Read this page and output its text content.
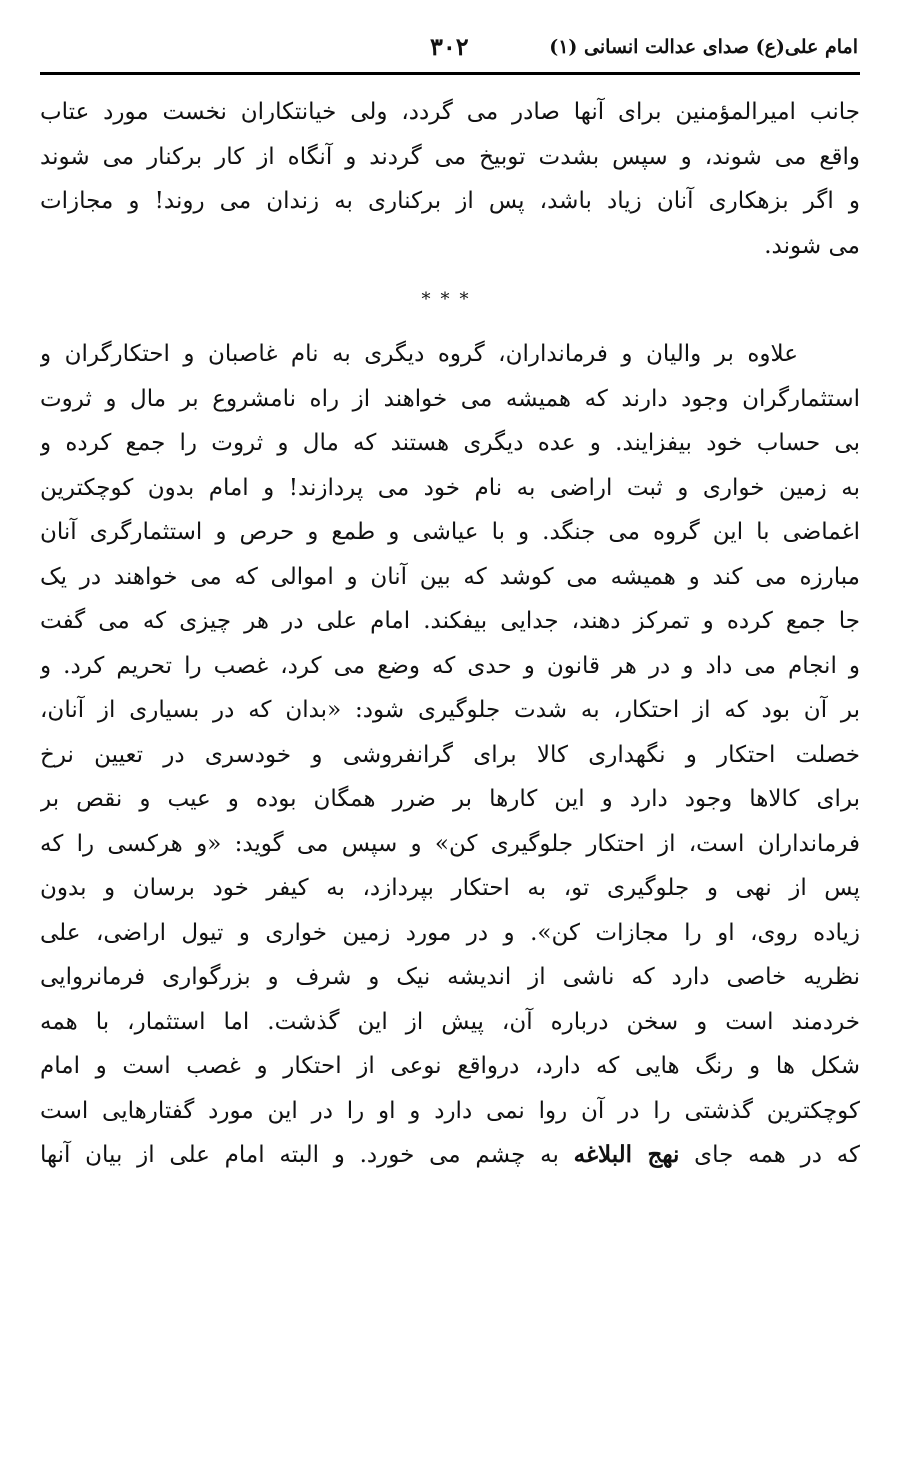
امام علی(ع) صدای عدالت انسانی (۱)
۳۰۲

جانب امیرالمؤمنین برای آنها صادر می گردد، ولی خیانتکاران نخست مورد عتاب
واقع می شوند، و سپس بشدت توبیخ می گردند و آنگاه از کار برکنار می شوند
و اگر بزهکاری آنان زیاد باشد، پس از برکناری به زندان می روند! و مجازات
می شوند.

***

علاوه بر والیان و فرمانداران، گروه دیگری به نام غاصبان و احتکارگران و
استثمارگران وجود دارند که همیشه می خواهند از راه نامشروع بر مال و ثروت
بی حساب خود بیفزایند. و عده دیگری هستند که مال و ثروت را جمع کرده و
به زمین خواری و ثبت اراضی به نام خود می پردازند! و امام بدون کوچکترین
اغماضی با این گروه می جنگد. و با عیاشی و طمع و حرص و استثمارگری آنان
مبارزه می کند و همیشه می کوشد که بین آنان و اموالی که می خواهند در یک
جا جمع کرده و تمرکز دهند، جدایی بیفکند. امام علی در هر چیزی که می گفت
و انجام می داد و در هر قانون و حدی که وضع می کرد، غصب را تحریم کرد. و
بر آن بود که از احتکار، به شدت جلوگیری شود: «بدان که در بسیاری از آنان،
خصلت احتکار و نگهداری کالا برای گرانفروشی و خودسری در تعیین نرخ
برای کالاها وجود دارد و این کارها بر ضرر همگان بوده و عیب و نقص بر
فرمانداران است، از احتکار جلوگیری کن» و سپس می گوید: «و هرکسی را که
پس از نهی و جلوگیری تو، به احتکار بپردازد، به کیفر خود برسان و بدون
زیاده روی، او را مجازات کن». و در مورد زمین خواری و تیول اراضی، علی
نظریه خاصی دارد که ناشی از اندیشه نیک و شرف و بزرگواری فرمانروایی
خردمند است و سخن درباره آن، پیش از این گذشت. اما استثمار، با همه
شکل ها و رنگ هایی که دارد، درواقع نوعی از احتکار و غصب است و امام
کوچکترین گذشتی را در آن روا نمی دارد و او را در این مورد گفتارهایی است
که در همه جای نهج البلاغه به چشم می خورد. و البته امام علی از بیان آنها
